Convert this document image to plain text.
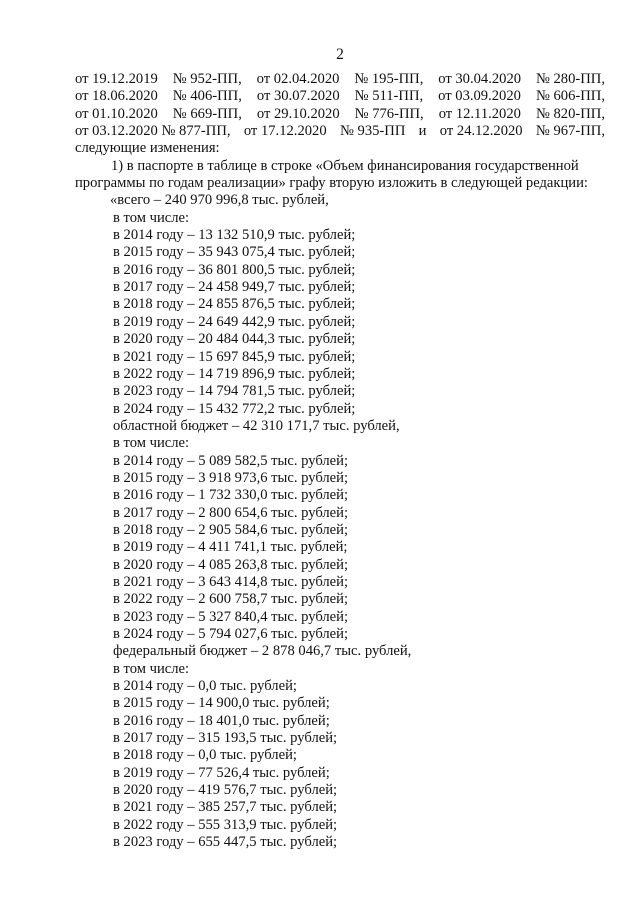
2
от 19.12.2019 № 952-ПП, от 02.04.2020 № 195-ПП, от 30.04.2020 № 280-ПП,
от 18.06.2020 № 406-ПП, от 30.07.2020 № 511-ПП, от 03.09.2020 № 606-ПП,
от 01.10.2020 № 669-ПП, от 29.10.2020 № 776-ПП, от 12.11.2020 № 820-ПП,
от 03.12.2020 № 877-ПП, от 17.12.2020 № 935-ПП и от 24.12.2020 № 967-ПП,
следующие изменения:
1) в паспорте в таблице в строке «Объем финансирования государственной
программы по годам реализации» графу вторую изложить в следующей редакции:
«всего – 240 970 996,8 тыс. рублей,
в том числе:
в 2014 году – 13 132 510,9 тыс. рублей;
в 2015 году – 35 943 075,4 тыс. рублей;
в 2016 году – 36 801 800,5 тыс. рублей;
в 2017 году – 24 458 949,7 тыс. рублей;
в 2018 году – 24 855 876,5 тыс. рублей;
в 2019 году – 24 649 442,9 тыс. рублей;
в 2020 году – 20 484 044,3 тыс. рублей;
в 2021 году – 15 697 845,9 тыс. рублей;
в 2022 году – 14 719 896,9 тыс. рублей;
в 2023 году – 14 794 781,5 тыс. рублей;
в 2024 году – 15 432 772,2 тыс. рублей;
областной бюджет – 42 310 171,7 тыс. рублей,
в том числе:
в 2014 году – 5 089 582,5 тыс. рублей;
в 2015 году – 3 918 973,6 тыс. рублей;
в 2016 году – 1 732 330,0 тыс. рублей;
в 2017 году – 2 800 654,6 тыс. рублей;
в 2018 году – 2 905 584,6 тыс. рублей;
в 2019 году – 4 411 741,1 тыс. рублей;
в 2020 году – 4 085 263,8 тыс. рублей;
в 2021 году – 3 643 414,8 тыс. рублей;
в 2022 году – 2 600 758,7 тыс. рублей;
в 2023 году – 5 327 840,4 тыс. рублей;
в 2024 году – 5 794 027,6 тыс. рублей;
федеральный бюджет – 2 878 046,7 тыс. рублей,
в том числе:
в 2014 году – 0,0 тыс. рублей;
в 2015 году – 14 900,0 тыс. рублей;
в 2016 году – 18 401,0 тыс. рублей;
в 2017 году – 315 193,5 тыс. рублей;
в 2018 году – 0,0 тыс. рублей;
в 2019 году – 77 526,4 тыс. рублей;
в 2020 году – 419 576,7 тыс. рублей;
в 2021 году – 385 257,7 тыс. рублей;
в 2022 году – 555 313,9 тыс. рублей;
в 2023 году – 655 447,5 тыс. рублей;
